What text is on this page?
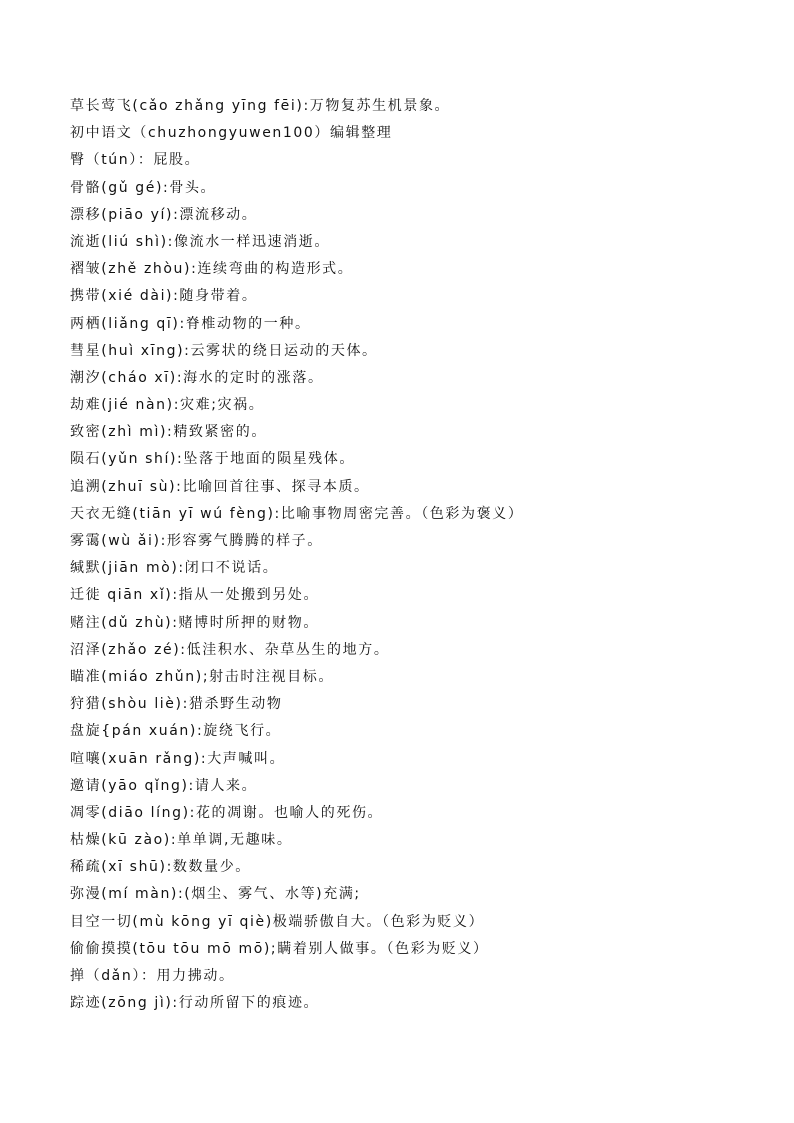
草长莺飞(cǎo zhǎng yīng fēi):万物复苏生机景象。
初中语文（chuzhongyuwen100）编辑整理
臀（tún）：屁股。
骨骼(gǔ gé):骨头。
漂移(piāo yí):漂流移动。
流逝(liú shì):像流水一样迅速消逝。
褶皱(zhě zhòu):连续弯曲的构造形式。
携带(xié dài):随身带着。
两栖(liǎng qī):脊椎动物的一种。
彗星(huì xīng):云雾状的绕日运动的天体。
潮汐(cháo xī):海水的定时的涨落。
劫难(jié nàn):灾难;灾祸。
致密(zhì mì):精致紧密的。
陨石(yǔn shí):坠落于地面的陨星残体。
追溯(zhuī sù):比喻回首往事、探寻本质。
天衣无缝(tiān yī wú fèng):比喻事物周密完善。（色彩为褒义）
雾霭(wù ǎi):形容雾气腾腾的样子。
缄默(jiān mò):闭口不说话。
迁徙 qiān xǐ):指从一处搬到另处。
赌注(dǔ zhù):赌博时所押的财物。
沼泽(zhǎo zé):低洼积水、杂草丛生的地方。
瞄准(miáo zhǔn);射击时注视目标。
狩猎(shòu liè):猎杀野生动物
盘旋{pán xuán):旋绕飞行。
喧嚷(xuān rǎng):大声喊叫。
邀请(yāo qǐng):请人来。
凋零(diāo líng):花的凋谢。也喻人的死伤。
枯燥(kū zào):单单调,无趣味。
稀疏(xī shū):数数量少。
弥漫(mí màn):(烟尘、雾气、水等)充满;
目空一切(mù kōng yī qiè)极端骄傲自大。（色彩为贬义）
偷偷摸摸(tōu tōu mō mō);瞒着别人做事。（色彩为贬义）
掸（dǎn）：用力拂动。
踪迹(zōng jì):行动所留下的痕迹。
